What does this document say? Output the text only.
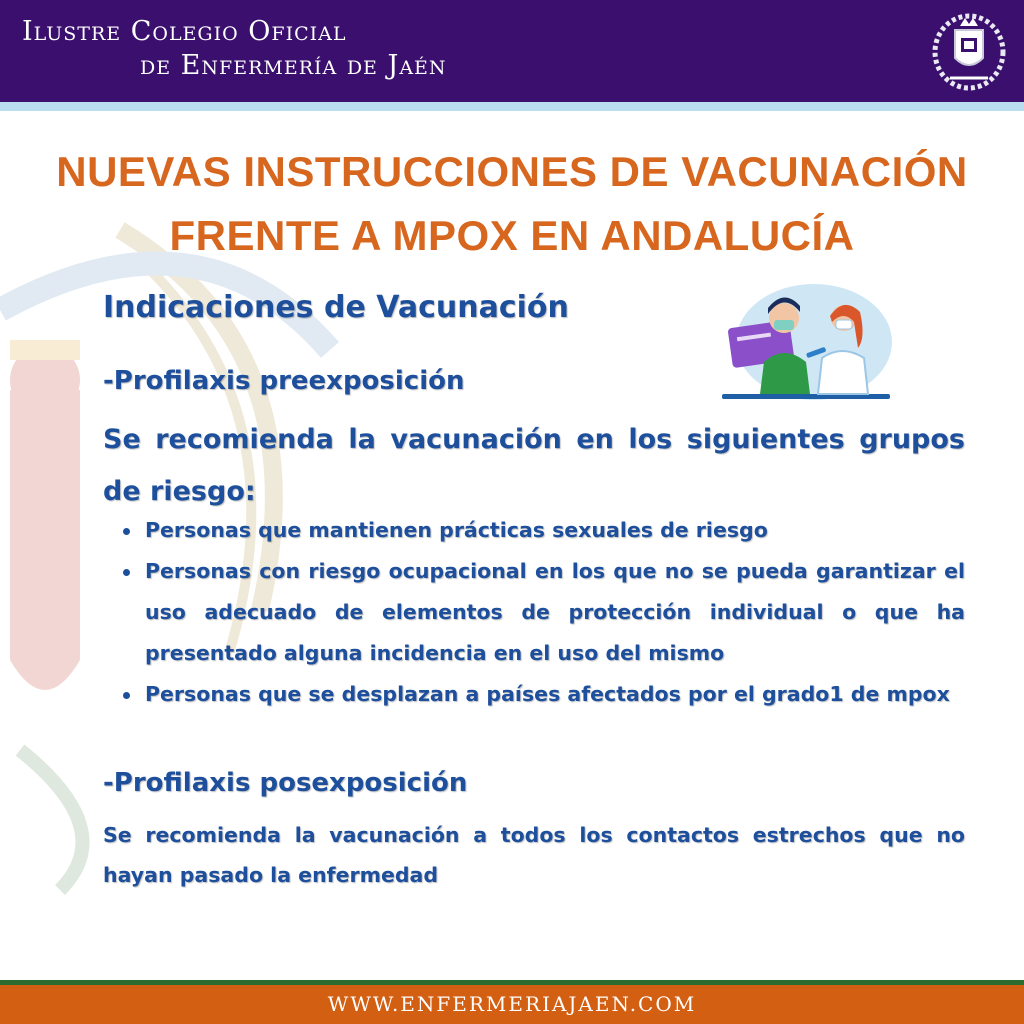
Ilustre Colegio Oficial
de Enfermería de Jaén
NUEVAS INSTRUCCIONES DE VACUNACIÓN
FRENTE A MPOX EN ANDALUCÍA
Indicaciones de Vacunación
-Profilaxis preexposición
Se recomienda la vacunación en los siguientes grupos de riesgo:
Personas que mantienen prácticas sexuales de riesgo
Personas con riesgo ocupacional en los que no se pueda garantizar el uso adecuado de elementos de protección individual o que ha presentado alguna incidencia en el uso del mismo
Personas que se desplazan a países afectados por el grado1 de mpox
-Profilaxis posexposición
Se recomienda la vacunación a todos los contactos estrechos que no hayan pasado la enfermedad
WWW.ENFERMERIAJAEN.COM
